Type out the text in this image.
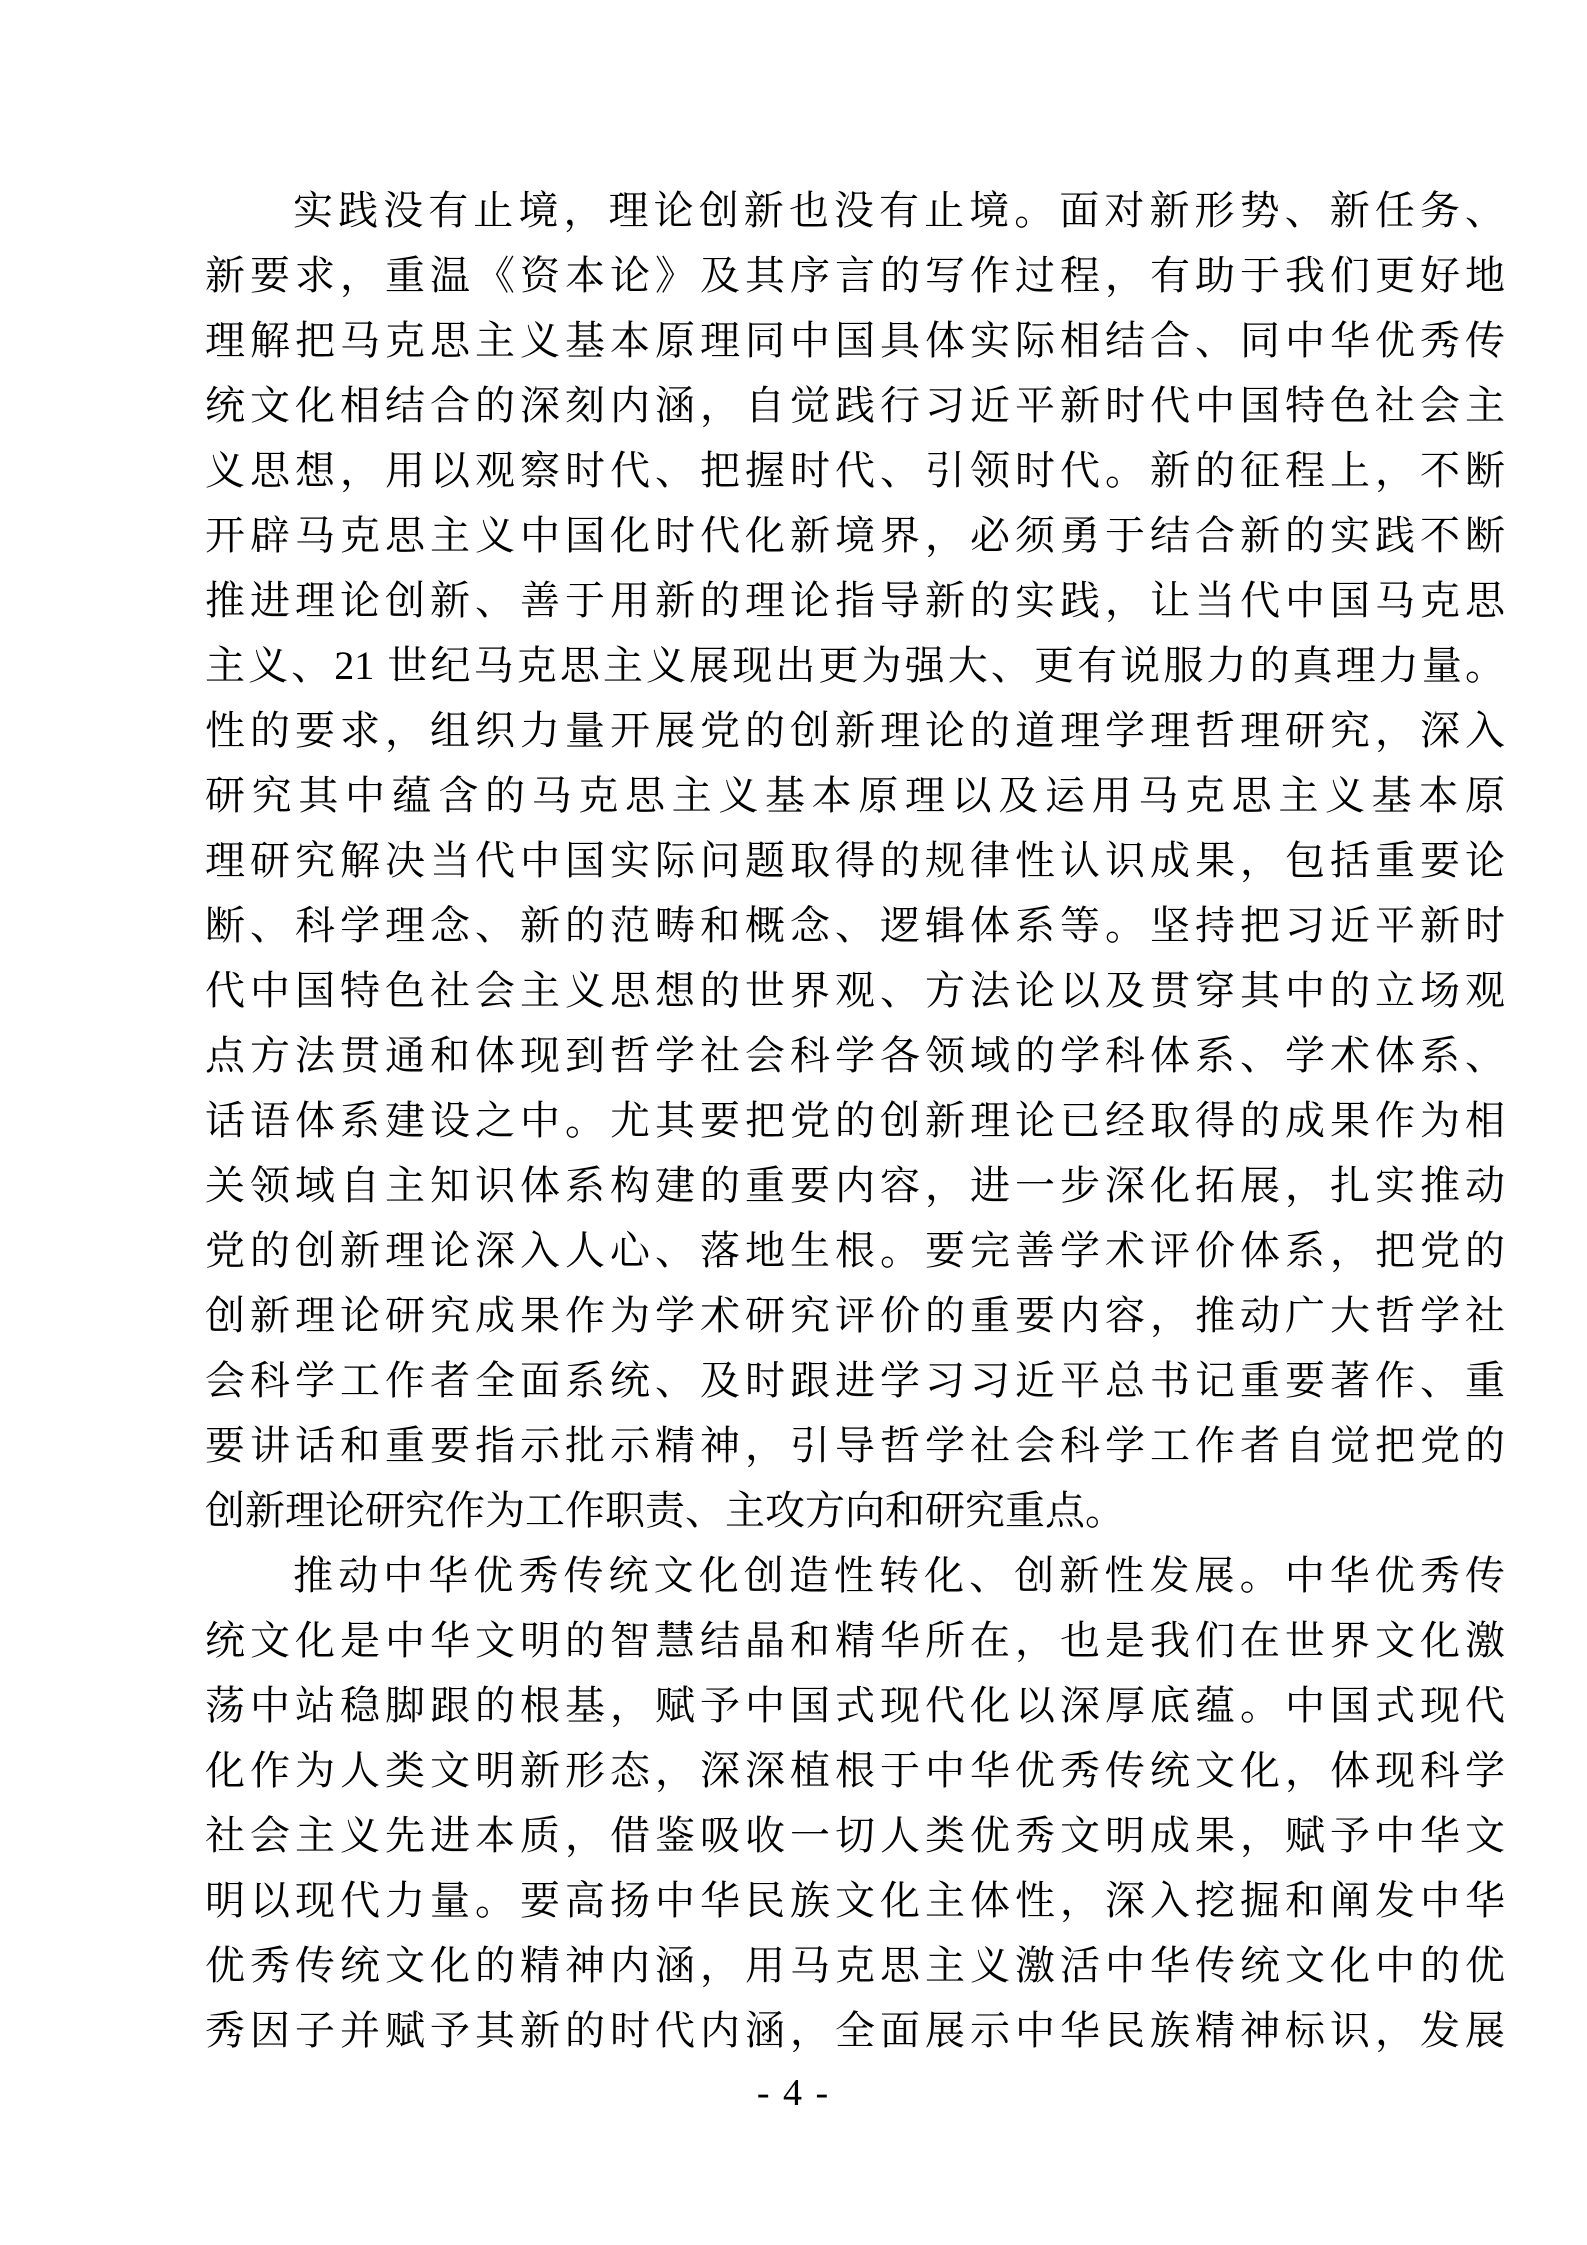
实践没有止境，理论创新也没有止境。面对新形势、新任务、
新要求，重温《资本论》及其序言的写作过程，有助于我们更好地
理解把马克思主义基本原理同中国具体实际相结合、同中华优秀传
统文化相结合的深刻内涵，自觉践行习近平新时代中国特色社会主
义思想，用以观察时代、把握时代、引领时代。新的征程上，不断
开辟马克思主义中国化时代化新境界，必须勇于结合新的实践不断
推进理论创新、善于用新的理论指导新的实践，让当代中国马克思
主义、21 世纪马克思主义展现出更为强大、更有说服力的真理力量。
性的要求，组织力量开展党的创新理论的道理学理哲理研究，深入
研究其中蕴含的马克思主义基本原理以及运用马克思主义基本原
理研究解决当代中国实际问题取得的规律性认识成果，包括重要论
断、科学理念、新的范畴和概念、逻辑体系等。坚持把习近平新时
代中国特色社会主义思想的世界观、方法论以及贯穿其中的立场观
点方法贯通和体现到哲学社会科学各领域的学科体系、学术体系、
话语体系建设之中。尤其要把党的创新理论已经取得的成果作为相
关领域自主知识体系构建的重要内容，进一步深化拓展，扎实推动
党的创新理论深入人心、落地生根。要完善学术评价体系，把党的
创新理论研究成果作为学术研究评价的重要内容，推动广大哲学社
会科学工作者全面系统、及时跟进学习习近平总书记重要著作、重
要讲话和重要指示批示精神，引导哲学社会科学工作者自觉把党的
创新理论研究作为工作职责、主攻方向和研究重点。
推动中华优秀传统文化创造性转化、创新性发展。中华优秀传
统文化是中华文明的智慧结晶和精华所在，也是我们在世界文化激
荡中站稳脚跟的根基，赋予中国式现代化以深厚底蕴。中国式现代
化作为人类文明新形态，深深植根于中华优秀传统文化，体现科学
社会主义先进本质，借鉴吸收一切人类优秀文明成果，赋予中华文
明以现代力量。要高扬中华民族文化主体性，深入挖掘和阐发中华
优秀传统文化的精神内涵，用马克思主义激活中华传统文化中的优
秀因子并赋予其新的时代内涵，全面展示中华民族精神标识，发展
- 4 -
